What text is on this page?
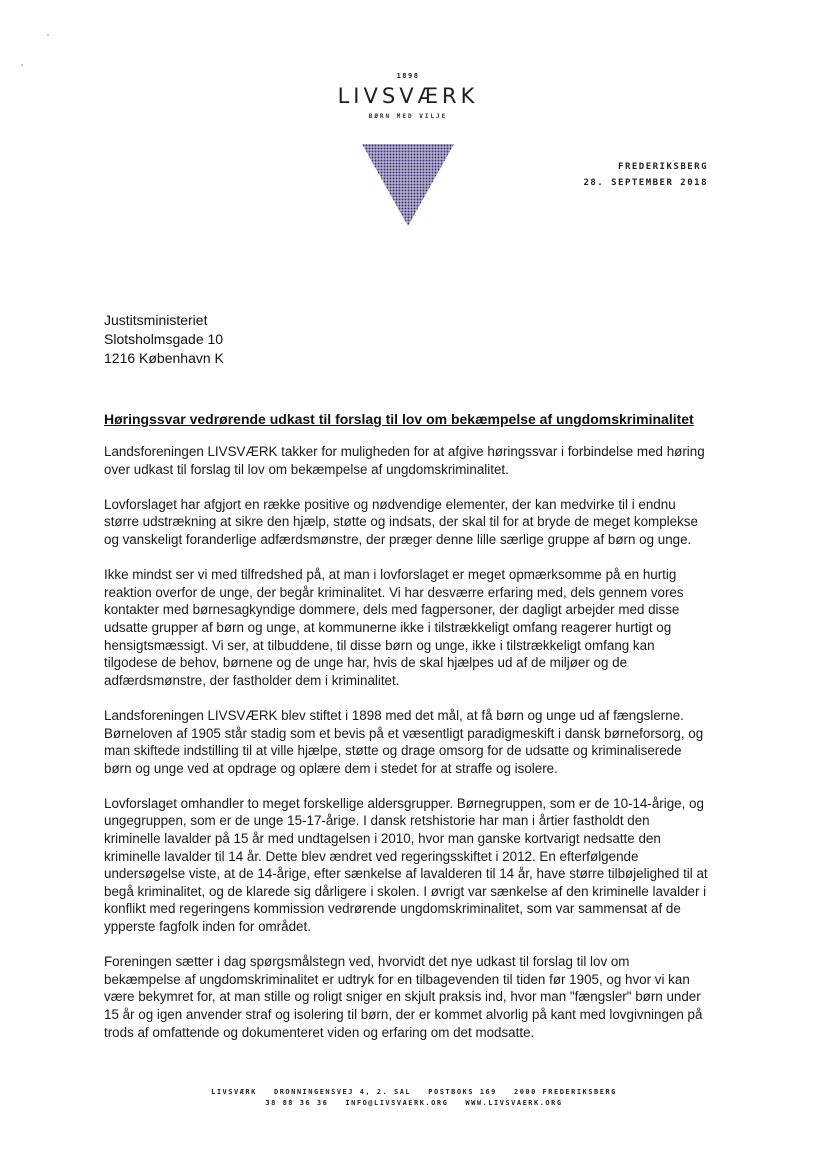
1898
LIVSVÆRK
BØRN MED VILJE
FREDERIKSBERG
28. SEPTEMBER 2018
Justitsministeriet
Slotsholmsgade 10
1216 København K
Høringssvar vedrørende udkast til forslag til lov om bekæmpelse af ungdomskriminalitet

Landsforeningen LIVSVÆRK takker for muligheden for at afgive høringssvar i forbindelse med høring over udkast til forslag til lov om bekæmpelse af ungdomskriminalitet.

Lovforslaget har afgjort en række positive og nødvendige elementer, der kan medvirke til i endnu større udstrækning at sikre den hjælp, støtte og indsats, der skal til for at bryde de meget komplekse og vanskeligt foranderlige adfærdsmønstre, der præger denne lille særlige gruppe af børn og unge.

Ikke mindst ser vi med tilfredshed på, at man i lovforslaget er meget opmærksomme på en hurtig reaktion overfor de unge, der begår kriminalitet. Vi har desværre erfaring med, dels gennem vores kontakter med børnesagkyndige dommere, dels med fagpersoner, der dagligt arbejder med disse udsatte grupper af børn og unge, at kommunerne ikke i tilstrækkeligt omfang reagerer hurtigt og hensigtsmæssigt. Vi ser, at tilbuddene, til disse børn og unge, ikke i tilstrækkeligt omfang kan tilgodese de behov, børnene og de unge har, hvis de skal hjælpes ud af de miljøer og de adfærdsmønstre, der fastholder dem i kriminalitet.

Landsforeningen LIVSVÆRK blev stiftet i 1898 med det mål, at få børn og unge ud af fængslerne. Børneloven af 1905 står stadig som et bevis på et væsentligt paradigmeskift i dansk børneforsorg, og man skiftede indstilling til at ville hjælpe, støtte og drage omsorg for de udsatte og kriminaliserede børn og unge ved at opdrage og oplære dem i stedet for at straffe og isolere.

Lovforslaget omhandler to meget forskellige aldersgrupper. Børnegruppen, som er de 10-14-årige, og ungegruppen, som er de unge 15-17-årige. I dansk retshistorie har man i årtier fastholdt den kriminelle lavalder på 15 år med undtagelsen i 2010, hvor man ganske kortvarigt nedsatte den kriminelle lavalder til 14 år. Dette blev ændret ved regeringsskiftet i 2012. En efterfølgende undersøgelse viste, at de 14-årige, efter sænkelse af lavalderen til 14 år, have større tilbøjelighed til at begå kriminalitet, og de klarede sig dårligere i skolen. I øvrigt var sænkelse af den kriminelle lavalder i konflikt med regeringens kommission vedrørende ungdomskriminalitet, som var sammensat af de ypperste fagfolk inden for området.

Foreningen sætter i dag spørgsmålstegn ved, hvorvidt det nye udkast til forslag til lov om bekæmpelse af ungdomskriminalitet er udtryk for en tilbagevenden til tiden før 1905, og hvor vi kan være bekymret for, at man stille og roligt sniger en skjult praksis ind, hvor man "fængsler" børn under 15 år og igen anvender straf og isolering til børn, der er kommet alvorlig på kant med lovgivningen på trods af omfattende og dokumenteret viden og erfaring om det modsatte.

LIVSVÆRK   DRONNINGENSVEJ 4, 2. SAL   POSTBOKS 169   2000 FREDERIKSBERG
38 88 36 36   INFO@LIVSVAERK.ORG   WWW.LIVSVAERK.ORG
